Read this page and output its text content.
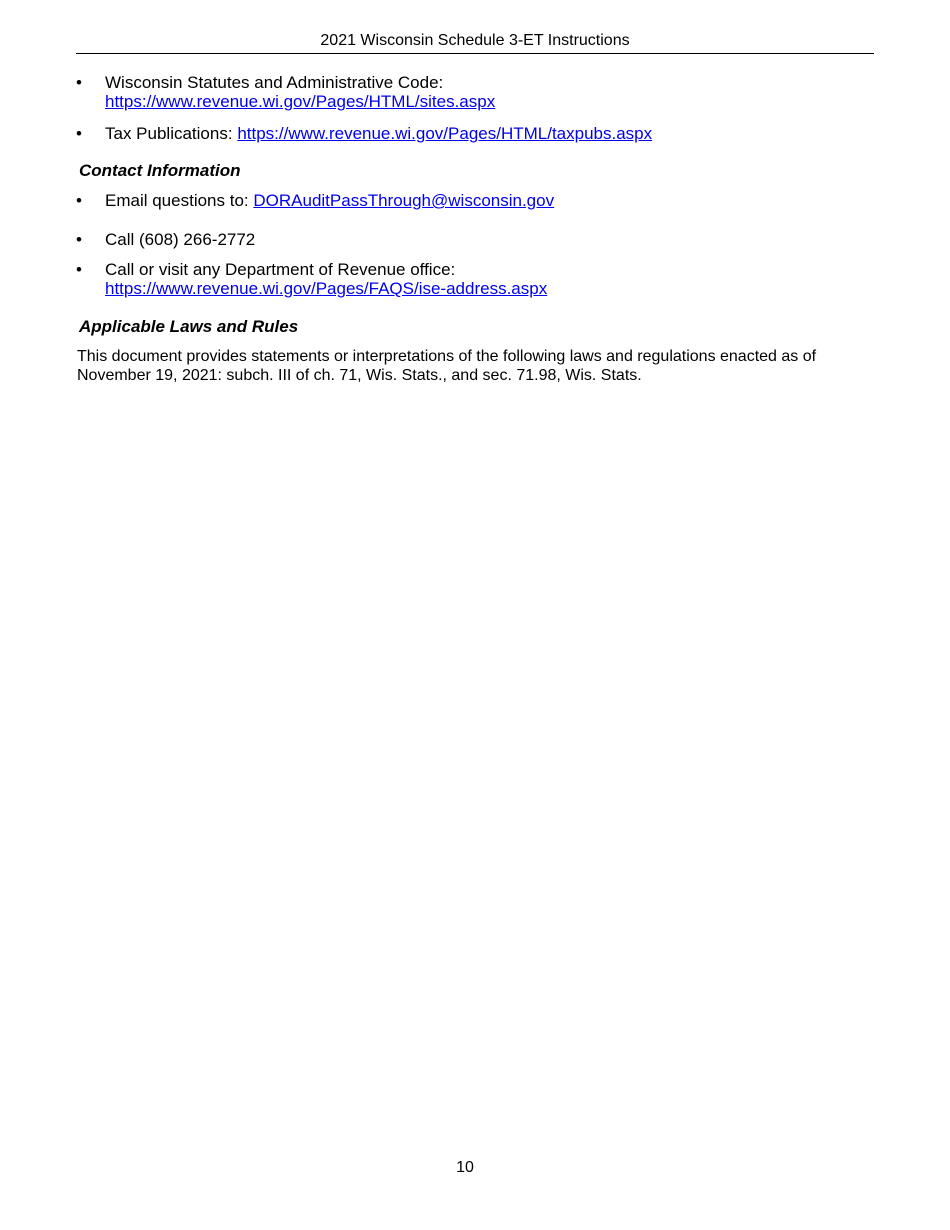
2021 Wisconsin Schedule 3-ET Instructions
• Wisconsin Statutes and Administrative Code:
https://www.revenue.wi.gov/Pages/HTML/sites.aspx
• Tax Publications: https://www.revenue.wi.gov/Pages/HTML/taxpubs.aspx
Contact Information
• Email questions to: DORAuditPassThrough@wisconsin.gov
• Call (608) 266-2772
• Call or visit any Department of Revenue office:
https://www.revenue.wi.gov/Pages/FAQS/ise-address.aspx
Applicable Laws and Rules
This document provides statements or interpretations of the following laws and regulations enacted as of November 19, 2021: subch. III of ch. 71, Wis. Stats., and sec. 71.98, Wis. Stats.
10
